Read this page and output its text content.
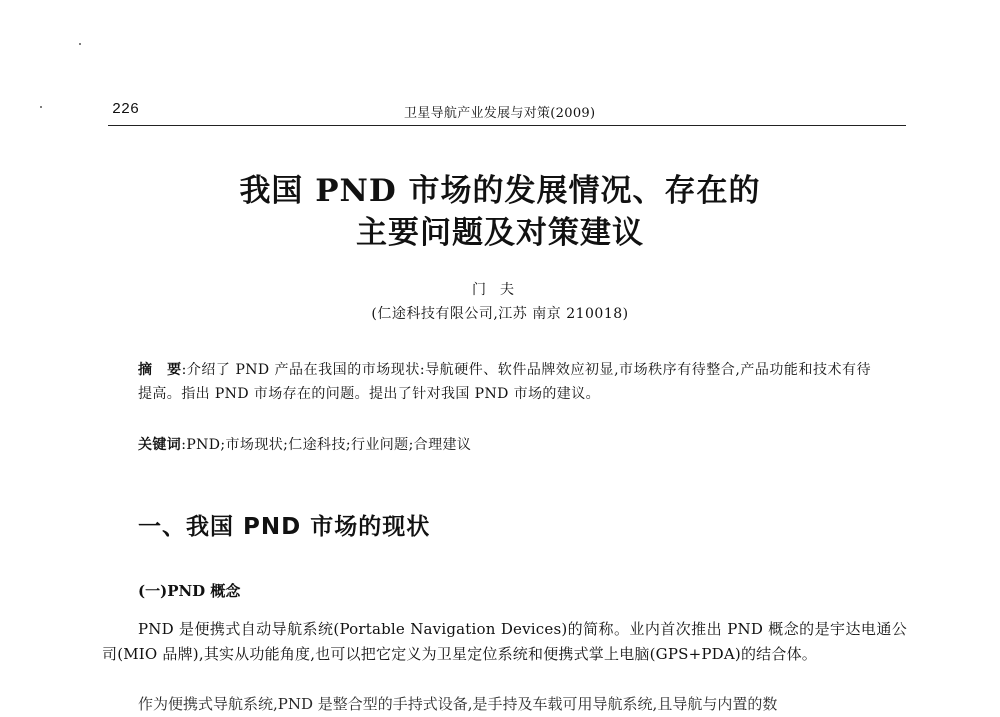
226	卫星导航产业发展与对策(2009)
我国 PND 市场的发展情况、存在的
主要问题及对策建议
门夫
(仁途科技有限公司,江苏 南京 210018)
摘　要:介绍了 PND 产品在我国的市场现状:导航硬件、软件品牌效应初显,市场秩序有待整合,产品功能和技术有待提高。指出 PND 市场存在的问题。提出了针对我国 PND 市场的建议。
关键词:PND;市场现状;仁途科技;行业问题;合理建议
一、我国 PND 市场的现状
(一)PND 概念
PND 是便携式自动导航系统(Portable Navigation Devices)的简称。业内首次推出 PND 概念的是宇达电通公司(MIO 品牌),其实从功能角度,也可以把它定义为卫星定位系统和便携式掌上电脑(GPS+PDA)的结合体。
作为便携式导航系统,PND 是整合型的手持式设备,是手持及车载可用导航系统,且导航与内置的数
